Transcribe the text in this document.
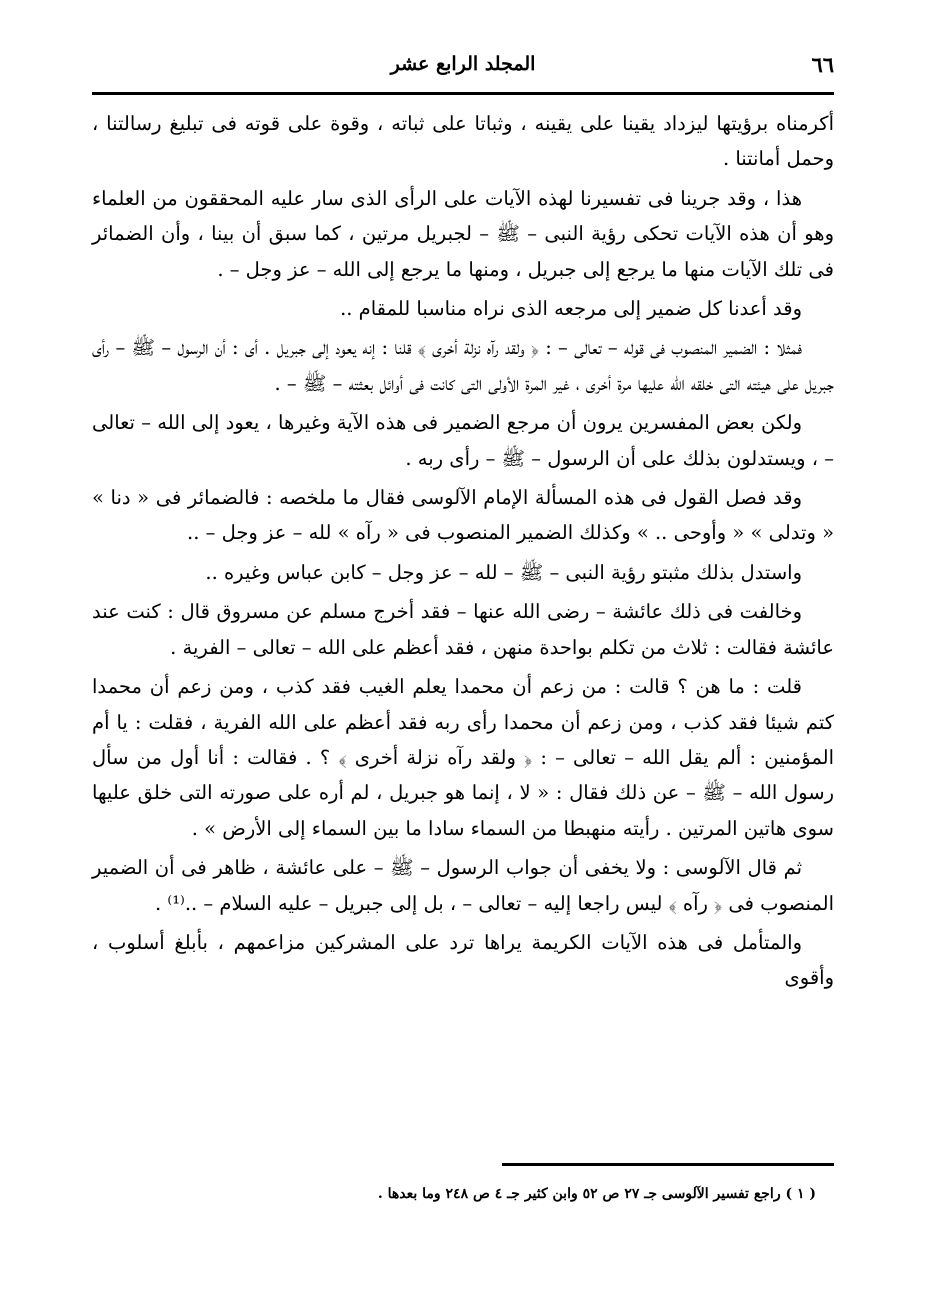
٦٦
المجلد الرابع عشر

أكرمناه برؤيتها ليزداد يقينا على يقينه ، وثباتا على ثباته ، وقوة على قوته فى تبليغ رسالتنا ، وحمل أمانتنا .

هذا ، وقد جرينا فى تفسيرنا لهذه الآيات على الرأى الذى سار عليه المحققون من العلماء وهو أن هذه الآيات تحكى رؤية النبى – ﷺ – لجبريل مرتين ، كما سبق أن بينا ، وأن الضمائر فى تلك الآيات منها ما يرجع إلى جبريل ، ومنها ما يرجع إلى الله – عز وجل – .

وقد أعدنا كل ضمير إلى مرجعه الذى نراه مناسبا للمقام ..

فمثلا : الضمير المنصوب فى قوله – تعالى – : ﴿ ولقد رآه نزلة أخرى ﴾ قلنا : إنه يعود إلى جبريل . أى : أن الرسول – ﷺ – رأى جبريل على هيئته التى خلقه الله عليها مرة أخرى ، غير المرة الأولى التى كانت فى أوائل بعثته – ﷺ – .

ولكن بعض المفسرين يرون أن مرجع الضمير فى هذه الآية وغيرها ، يعود إلى الله – تعالى – ، ويستدلون بذلك على أن الرسول – ﷺ – رأى ربه .

وقد فصل القول فى هذه المسألة الإمام الآلوسى فقال ما ملخصه : فالضمائر فى « دنا » « وتدلى » « وأوحى .. » وكذلك الضمير المنصوب فى « رآه » لله – عز وجل – ..

واستدل بذلك مثبتو رؤية النبى – ﷺ – لله – عز وجل – كابن عباس وغيره ..

وخالفت فى ذلك عائشة – رضى الله عنها – فقد أخرج مسلم عن مسروق قال : كنت عند عائشة فقالت : ثلاث من تكلم بواحدة منهن ، فقد أعظم على الله – تعالى – الفرية .

قلت : ما هن ؟ قالت : من زعم أن محمدا يعلم الغيب فقد كذب ، ومن زعم أن محمدا كتم شيئا فقد كذب ، ومن زعم أن محمدا رأى ربه فقد أعظم على الله الفرية ، فقلت : يا أم المؤمنين : ألم يقل الله – تعالى – : ﴿ ولقد رآه نزلة أخرى ﴾ ؟ . فقالت : أنا أول من سأل رسول الله – ﷺ – عن ذلك فقال : « لا ، إنما هو جبريل ، لم أره على صورته التى خلق عليها سوى هاتين المرتين . رأيته منهبطا من السماء سادا ما بين السماء إلى الأرض » .

ثم قال الآلوسى : ولا يخفى أن جواب الرسول – ﷺ – على عائشة ، ظاهر فى أن الضمير المنصوب فى ﴿ رآه ﴾ ليس راجعا إليه – تعالى – ، بل إلى جبريل – عليه السلام – ..⁽¹⁾ .

والمتأمل فى هذه الآيات الكريمة يراها ترد على المشركين مزاعمهم ، بأبلغ أسلوب ، وأقوى

( ١ ) راجع تفسير الآلوسى جـ ٢٧ ص ٥٢ وابن كثير جـ ٤ ص ٢٤٨ وما بعدها .
